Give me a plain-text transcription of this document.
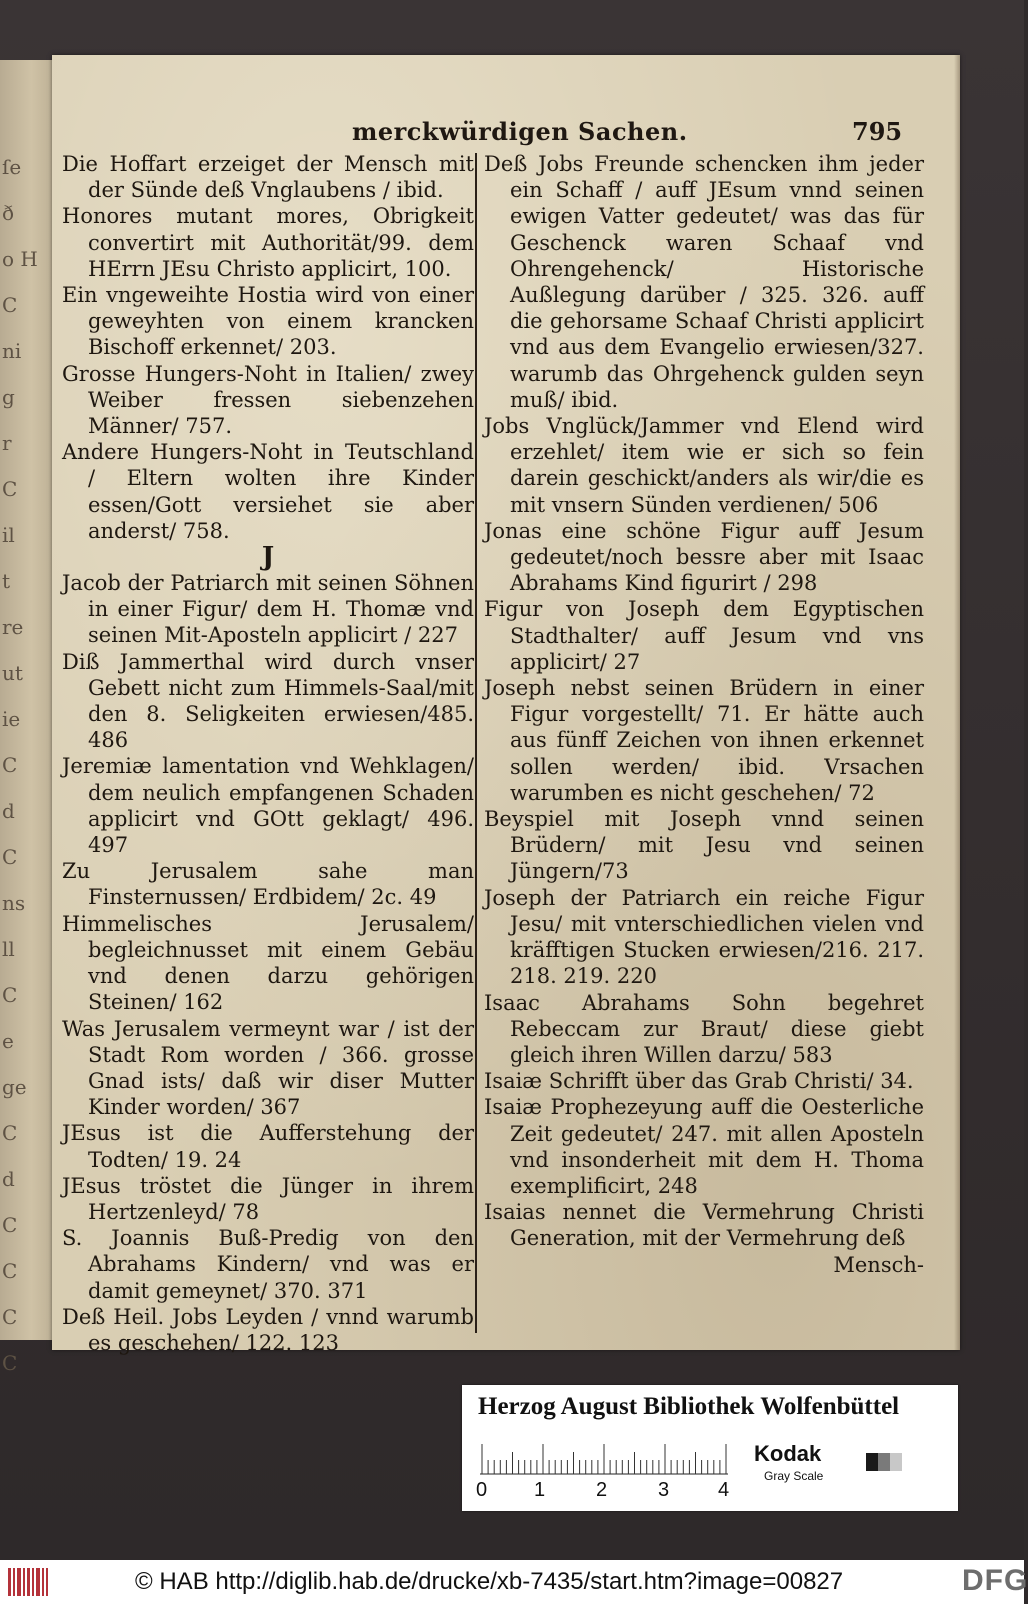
ſe
ð
o H
C
ni
g
r
C
il
t
re
ut
ie
C
d
C
ns
ll
C
e
ge
C
d
C
C
C
C
merckwürdigen Sachen.	795

Die Hoffart erzeiget der Mensch mit der Sünde deß Vnglaubens / ibid.

Honores mutant mores, Obrigkeit convertirt mit Authorität/99. dem HErrn JEsu Christo applicirt, 100.

Ein vngeweihte Hostia wird von einer geweyhten von einem krancken Bischoff erkennet/ 203.

Grosse Hungers-Noht in Italien/ zwey Weiber fressen siebenzehen Männer/ 757.

Andere Hungers-Noht in Teutschland / Eltern wolten ihre Kinder essen/Gott versiehet sie aber anderst/ 758.

J

Jacob der Patriarch mit seinen Söhnen in einer Figur/ dem H. Thomæ vnd seinen Mit-Aposteln applicirt / 227

Diß Jammerthal wird durch vnser Gebett nicht zum Himmels-Saal/mit den 8. Seligkeiten erwiesen/485. 486

Jeremiæ lamentation vnd Wehklagen/ dem neulich empfangenen Schaden applicirt vnd GOtt geklagt/ 496. 497

Zu Jerusalem sahe man Finsternussen/ Erdbidem/ 2c. 49

Himmelisches Jerusalem/ begleichnusset mit einem Gebäu vnd denen darzu gehörigen Steinen/ 162

Was Jerusalem vermeynt war / ist der Stadt Rom worden / 366. grosse Gnad ists/ daß wir diser Mutter Kinder worden/ 367

JEsus ist die Aufferstehung der Todten/ 19. 24

JEsus tröstet die Jünger in ihrem Hertzenleyd/ 78

S. Joannis Buß-Predig von den Abrahams Kindern/ vnd was er damit gemeynet/ 370. 371

Deß Heil. Jobs Leyden / vnnd warumb es geschehen/ 122. 123

Deß Jobs Freunde schencken ihm jeder ein Schaff / auff JEsum vnnd seinen ewigen Vatter gedeutet/ was das für Geschenck waren Schaaf vnd Ohrengehenck/ Historische Außlegung darüber / 325. 326. auff die gehorsame Schaaf Christi applicirt vnd aus dem Evangelio erwiesen/327. warumb das Ohrgehenck gulden seyn muß/ ibid.

Jobs Vnglück/Jammer vnd Elend wird erzehlet/ item wie er sich so fein darein geschickt/anders als wir/die es mit vnsern Sünden verdienen/ 506

Jonas eine schöne Figur auff Jesum gedeutet/noch bessre aber mit Isaac Abrahams Kind figurirt / 298

Figur von Joseph dem Egyptischen Stadthalter/ auff Jesum vnd vns applicirt/ 27

Joseph nebst seinen Brüdern in einer Figur vorgestellt/ 71. Er hätte auch aus fünff Zeichen von ihnen erkennet sollen werden/ ibid. Vrsachen warumben es nicht geschehen/ 72

Beyspiel mit Joseph vnnd seinen Brüdern/ mit Jesu vnd seinen Jüngern/73

Joseph der Patriarch ein reiche Figur Jesu/ mit vnterschiedlichen vielen vnd kräfftigen Stucken erwiesen/216. 217. 218. 219. 220

Isaac Abrahams Sohn begehret Rebeccam zur Braut/ diese giebt gleich ihren Willen darzu/ 583

Isaiæ Schrifft über das Grab Christi/ 34.

Isaiæ Prophezeyung auff die Oesterliche Zeit gedeutet/ 247. mit allen Aposteln vnd insonderheit mit dem H. Thoma exemplificirt, 248

Isaias nennet die Vermehrung Christi Generation, mit der Vermehrung deß

Mensch-

Herzog August Bibliothek Wolfenbüttel
0 1	2	3 4
Kodak
Gray Scale
© HAB http://diglib.hab.de/drucke/xb-7435/start.htm?image=00827	DFG
